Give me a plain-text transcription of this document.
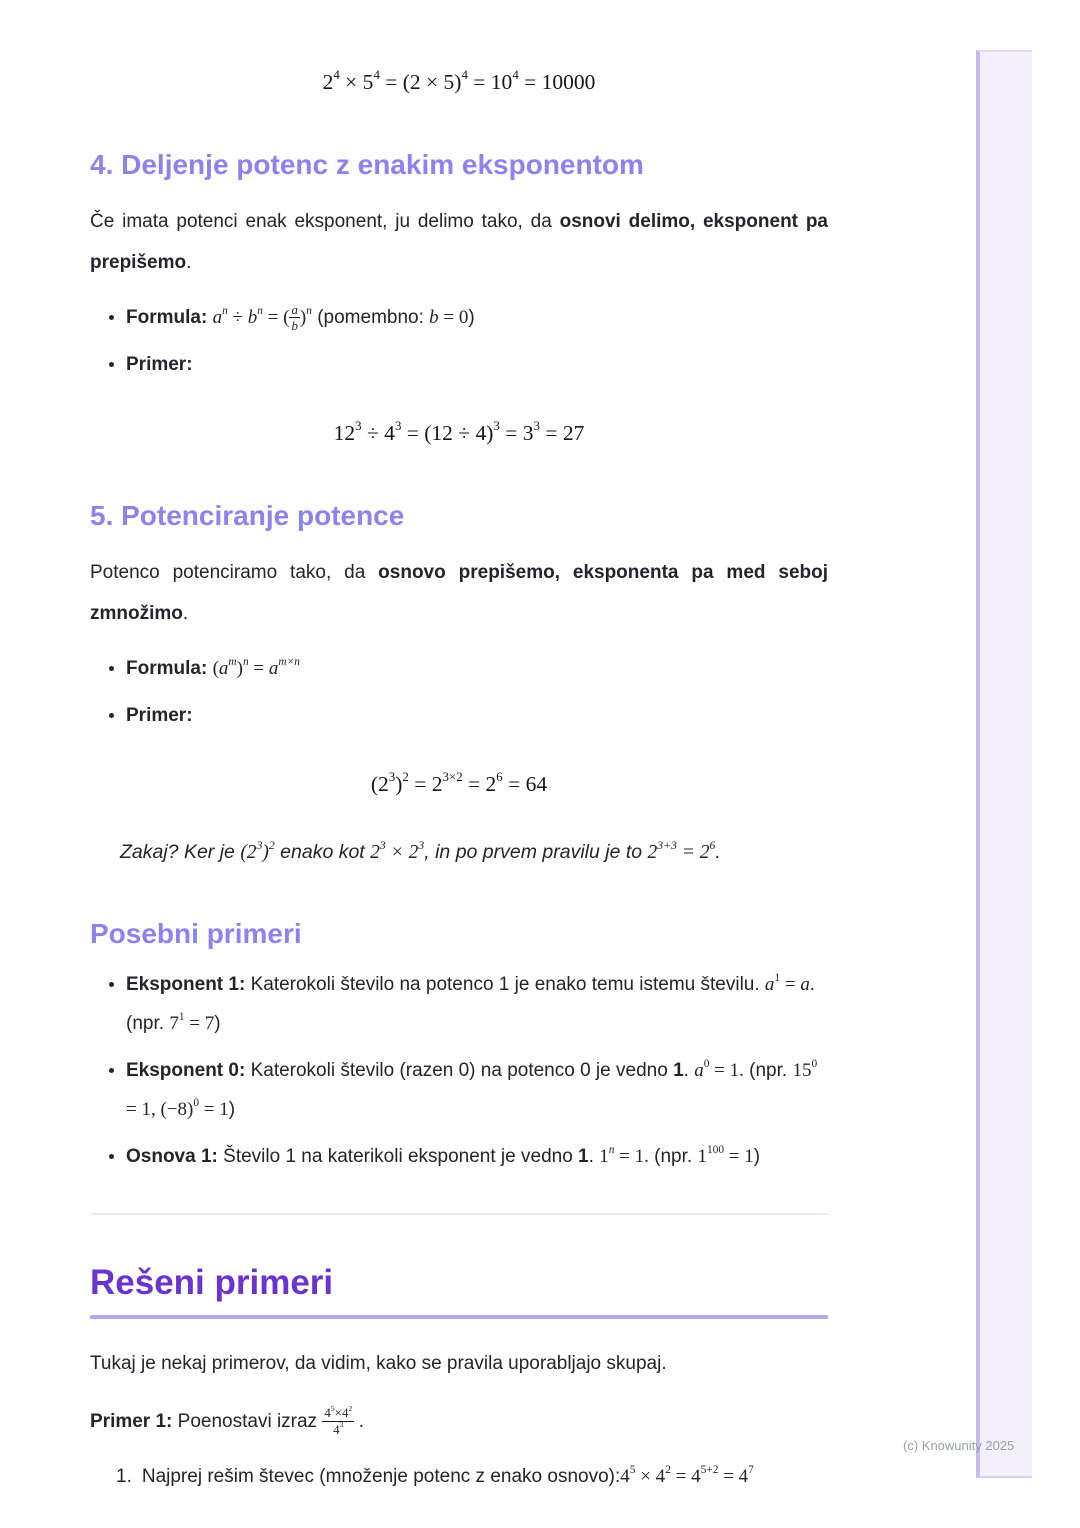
$2^4 \times 5^4 = (2 \times 5)^4 = 10^4 = 10000$
4. Deljenje potenc z enakim eksponentom

Če imata potenci enak eksponent, ju delimo tako, da osnovi delimo, eksponent pa prepišemo.

• Formula: $a^n \div b^n$ = ( $\frac{a}{b} )^n$ (pomembno: b = 0)
• Primer:
$12^3 \div 4^3 = (12 \div 4)^3 = 3^3 = 27$
5. Potenciranje potence

Potenco potenciramo tako, da osnovo prepišemo, eksponenta pa med seboj zmnožimo.

• Formula: $(a^m)^n = a^{m\times n}$
• Primer:
$(2^3)^2 = 2^{3\times 2} = 2^6 = 64$
Zakaj? Ker je $(2^3)^2$ enako kot $2^3 \times 2^3$, in po prvem pravilu je to $2^{3+3} = 2^6$.
Posebni primeri
• Eksponent 1: Katerokoli število na potenco 1 je enako temu istemu številu. $a^1 = a$. (npr. $7^1 = 7$)
• Eksponent 0: Katerokoli število (razen 0) na potenco 0 je vedno 1. $a^0 = 1$. (npr. $15^0 = 1$, $(-8)^0 = 1$)
• Osnova 1: Število 1 na katerikoli eksponent je vedno 1. $1^n = 1$. (npr. $1^{100} = 1$)
Rešeni primeri

Tukaj je nekaj primerov, da vidim, kako se pravila uporabljajo skupaj.

Primer 1: Poenostavi izraz $\frac{4^5\times 4^2}{4^3}$ .
1. Najprej rešim števec (množenje potenc z enako $osnovo):4^5 \times 4^2 = 4^{5+2} = 4^7$
(c) Knowunity 2025
